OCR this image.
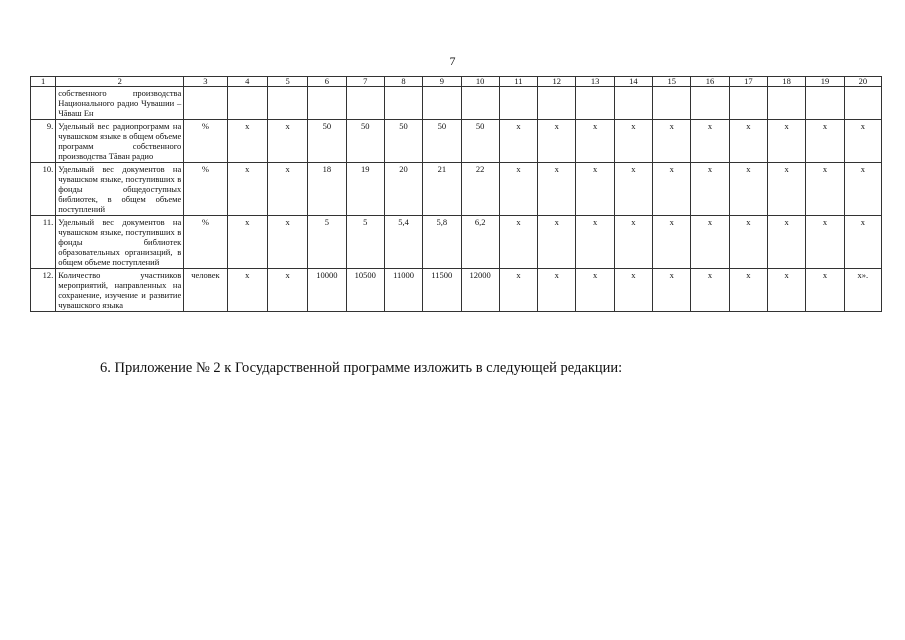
7
1	2	3	4	5	6	7	8	9	10	11	12	13	14	15	16	17	18	19	20
	собственного производства Национального радио Чувашии – Чăваш Ен																		
9.	Удельный вес радиопрограмм на чувашском языке в общем объеме программ собственного производства Тăван радио	%	х	х	50	50	50	50	50	х	х	х	х	х	х	х	х	х	х
10.	Удельный вес документов на чувашском языке, поступивших в фонды общедоступных библиотек, в общем объеме поступлений	%	х	х	18	19	20	21	22	х	х	х	х	х	х	х	х	х	х
11.	Удельный вес документов на чувашском языке, поступивших в фонды библиотек образовательных организаций, в общем объеме поступлений	%	х	х	5	5	5,4	5,8	6,2	х	х	х	х	х	х	х	х	х	х
12.	Количество участников мероприятий, направленных на сохранение, изучение и развитие чувашского языка	человек	х	х	10000	10500	11000	11500	12000	х	х	х	х	х	х	х	х	х	х».
6. Приложение № 2 к Государственной программе изложить в следующей редакции:
